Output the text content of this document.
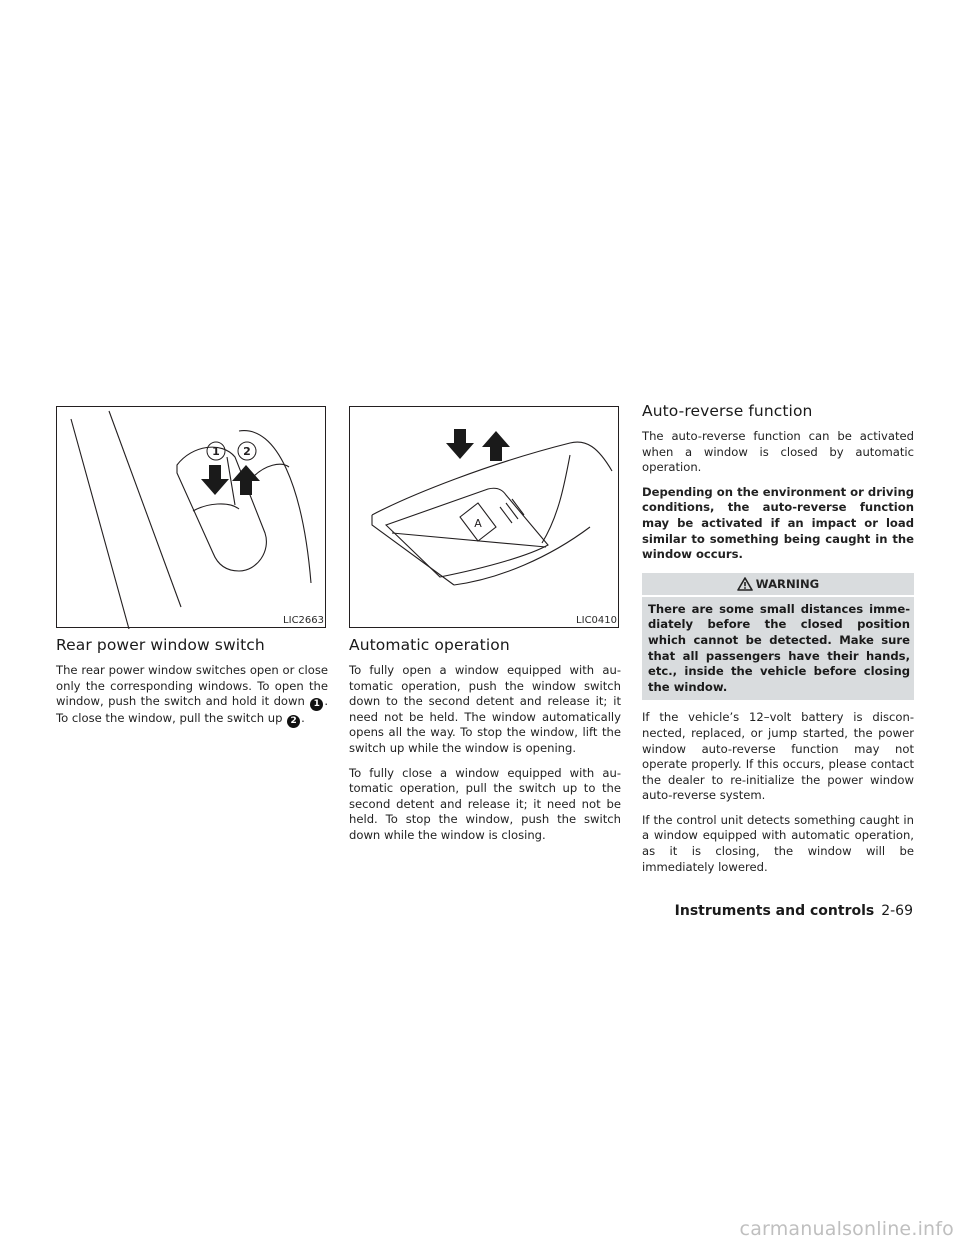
1 2
LIC2663
Rear power window switch

The rear power window switches open or close only the corresponding windows. To open the window, push the switch and hold it down 1 . To close the window, pull the switch up 2 .

A
LIC0410
Automatic operation

To fully open a window equipped with automatic operation, push the window switch down to the second detent and release it; it need not be held. The window automatically opens all the way. To stop the window, lift the switch up while the window is opening.

To fully close a window equipped with automatic operation, pull the switch up to the second detent and release it; it need not be held. To stop the window, push the switch down while the window is closing.

Auto-reverse function

The auto-reverse function can be activated when a window is closed by automatic operation.

Depending on the environment or driving conditions, the auto-reverse function may be activated if an impact or load similar to something being caught in the window occurs.

WARNING
There are some small distances immediately before the closed position which cannot be detected. Make sure that all passengers have their hands, etc., inside the vehicle before closing the window.

If the vehicle’s 12–volt battery is disconnected, replaced, or jump started, the power window auto-reverse function may not operate properly. If this occurs, please contact the dealer to re-initialize the power window auto-reverse system.

If the control unit detects something caught in a window equipped with automatic operation, as it is closing, the window will be immediately lowered.

Instruments and controls 2-69
carmanualsonline.info
